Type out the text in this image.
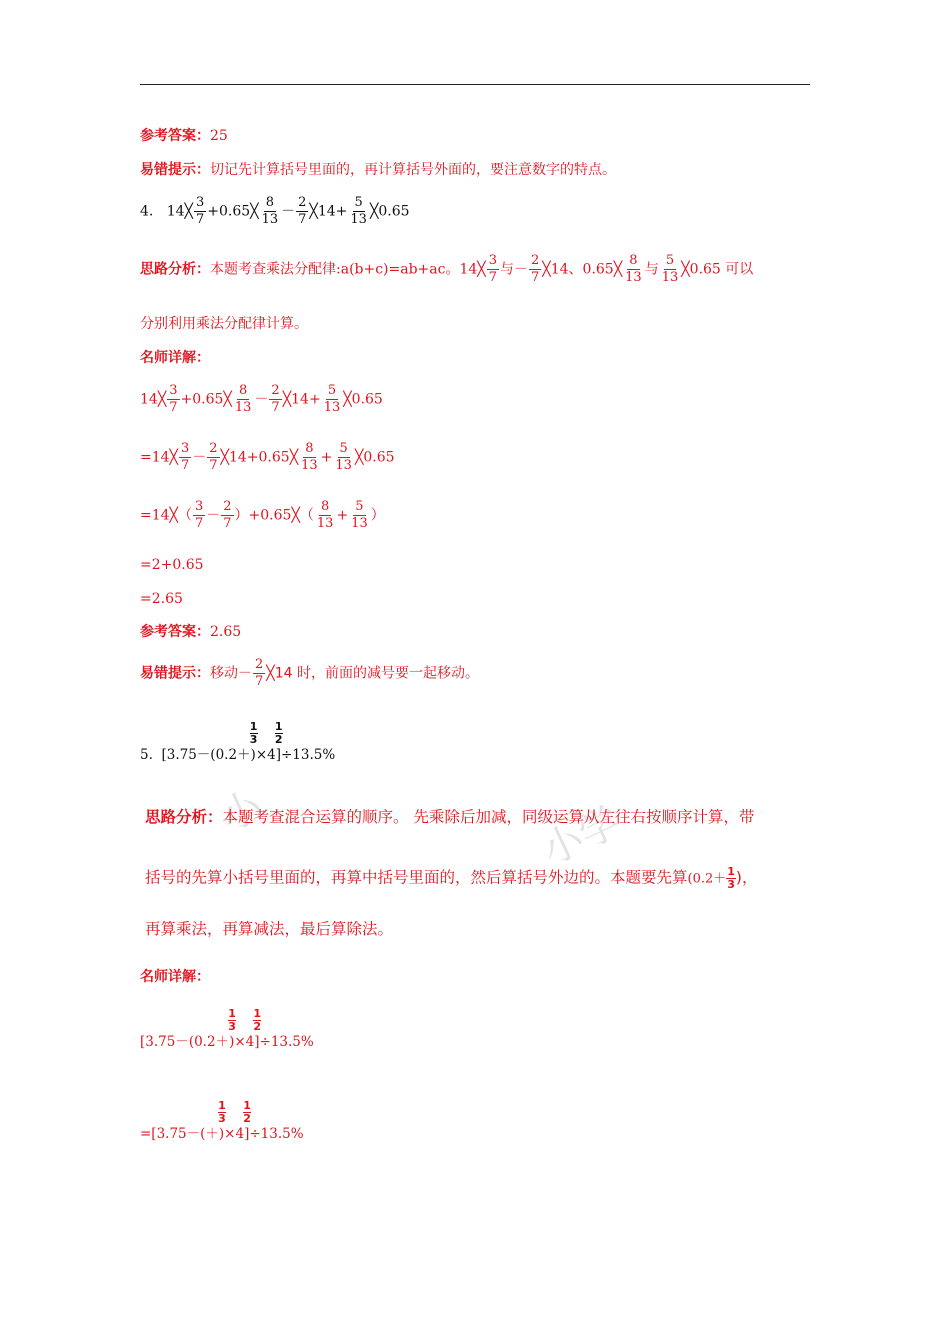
参考答案：25
易错提示：切记先计算括号里面的，再计算括号外面的，要注意数字的特点。
4. 14╳ $\frac{3}{7}$ +0.65╳ $\frac{8}{13} - \frac{2}{7}$ ╳14+ $\frac{5}{13}$ ╳0.65
思路分析：本题考查乘法分配律:a(b+c)=ab+ac。14╳ $\frac{3}{7}$ 与－ $\frac{2}{7}$ ╳14、0.65╳ $\frac{8}{13}$ 与 $\frac{5}{13}$ ╳0.65 可以
分别利用乘法分配律计算。
名师详解：
14╳ $\frac{3}{7}$ +0.65╳ $\frac{8}{13} - \frac{2}{7}$ ╳14+ $\frac{5}{13}$ ╳0.65
=14╳ $\frac{3}{7} - \frac{2}{7}$ ╳14+0.65╳ $\frac{8}{13} + \frac{5}{13}$ ╳0.65
=14╳（ $\frac{3}{7} - \frac{2}{7}$ ）+0.65╳（ $\frac{8}{13} + \frac{5}{13}$ ）
=2+0.65
=2.65
参考答案：2.65
易错提示：移动－ $\frac{2}{7}$ ╳14 时，前面的减号要一起移动。
5. [3.75－(0.2＋
1
3
)×4
1
2
]÷13.5%
小	小学
思路分析：本题考查混合运算的顺序。 先乘除后加减，同级运算从左往右按顺序计算，带
括号的先算小括号里面的，再算中括号里面的，然后算括号外边的。本题要先算($0.2+ \frac{1}{3}$ )，
再算乘法，再算减法，最后算除法。
名师详解：
[3.75－(0.2＋
1
3
)×4
1
2
]÷13.5%
=[3.75－(＋
1
3
)×4
1
2
]÷13.5%
